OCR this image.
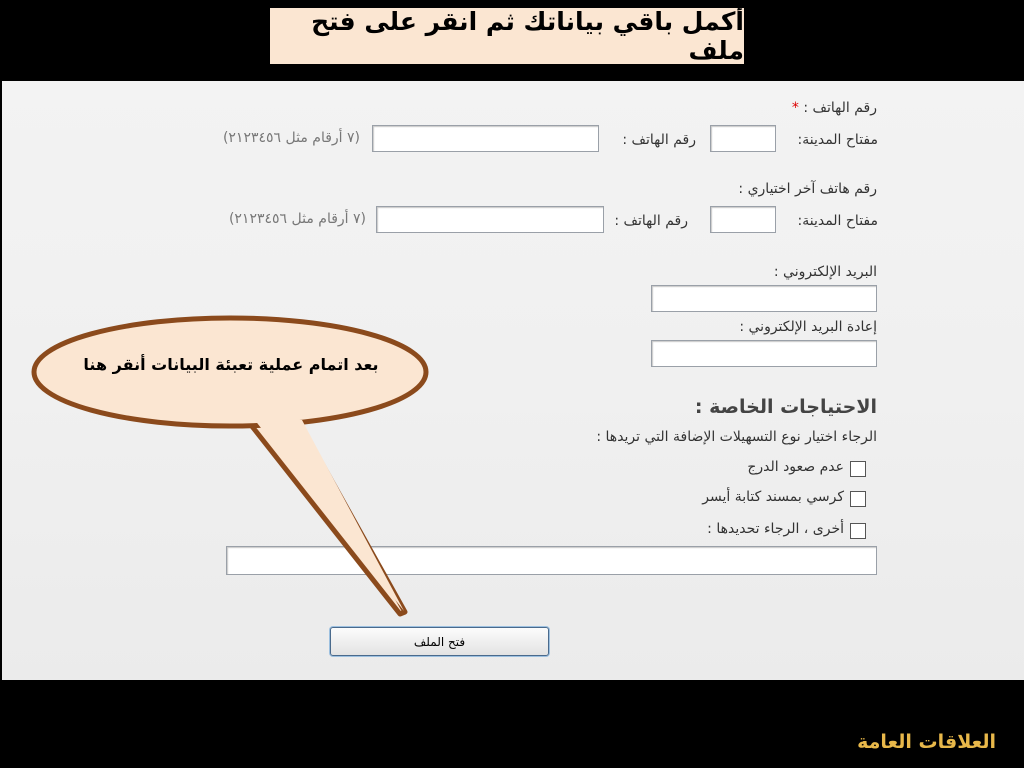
أكمل باقي بياناتك ثم انقر على فتح ملف
رقم الهاتف : *
مفتاح المدينة:
رقم الهاتف :
(٧ أرقام مثل ٢١٢٣٤٥٦)
رقم هاتف آخر اختياري :
مفتاح المدينة:
رقم الهاتف :
(٧ أرقام مثل ٢١٢٣٤٥٦)
البريد الإلكتروني :
إعادة البريد الإلكتروني :
الاحتياجات الخاصة :
الرجاء اختيار نوع التسهيلات الإضافة التي تريدها :
عدم صعود الدرج
كرسي بمسند كتابة أيسر
أخرى ، الرجاء تحديدها :
فتح الملف
بعد اتمام عملية تعبئة البيانات أنقر هنا
العلاقات العامة
